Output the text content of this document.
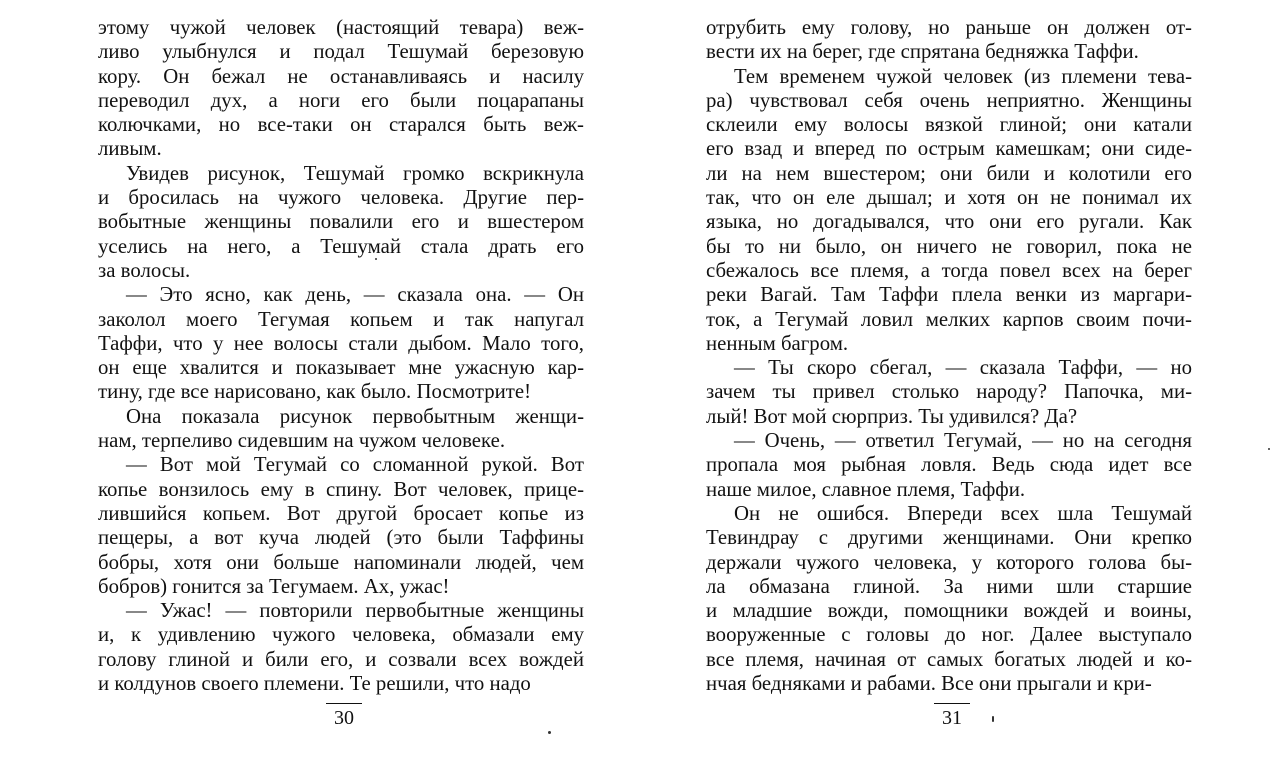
этому чужой человек (настоящий тевара) веж-
ливо улыбнулся и подал Тешумай березовую
кору. Он бежал не останавливаясь и насилу
переводил дух, а ноги его были поцарапаны
колючками, но все-таки он старался быть веж-
ливым.
Увидев рисунок, Тешумай громко вскрикнула
и бросилась на чужого человека. Другие пер-
вобытные женщины повалили его и вшестером
уселись на него, а Тешумай стала драть его
за волосы.
— Это ясно, как день, — сказала она. — Он
заколол моего Тегумая копьем и так напугал
Таффи, что у нее волосы стали дыбом. Мало того,
он еще хвалится и показывает мне ужасную кар-
тину, где все нарисовано, как было. Посмотрите!
Она показала рисунок первобытным женщи-
нам, терпеливо сидевшим на чужом человеке.
— Вот мой Тегумай со сломанной рукой. Вот
копье вонзилось ему в спину. Вот человек, прице-
лившийся копьем. Вот другой бросает копье из
пещеры, а вот куча людей (это были Таффины
бобры, хотя они больше напоминали людей, чем
бобров) гонится за Тегумаем. Ах, ужас!
— Ужас! — повторили первобытные женщины
и, к удивлению чужого человека, обмазали ему
голову глиной и били его, и созвали всех вождей
и колдунов своего племени. Те решили, что надо
30
отрубить ему голову, но раньше он должен от-
вести их на берег, где спрятана бедняжка Таффи.
Тем временем чужой человек (из племени тева-
ра) чувствовал себя очень неприятно. Женщины
склеили ему волосы вязкой глиной; они катали
его взад и вперед по острым камешкам; они сиде-
ли на нем вшестером; они били и колотили его
так, что он еле дышал; и хотя он не понимал их
языка, но догадывался, что они его ругали. Как
бы то ни было, он ничего не говорил, пока не
сбежалось все племя, а тогда повел всех на берег
реки Вагай. Там Таффи плела венки из маргари-
ток, а Тегумай ловил мелких карпов своим почи-
ненным багром.
— Ты скоро сбегал, — сказала Таффи, — но
зачем ты привел столько народу? Папочка, ми-
лый! Вот мой сюрприз. Ты удивился? Да?
— Очень, — ответил Тегумай, — но на сегодня
пропала моя рыбная ловля. Ведь сюда идет все
наше милое, славное племя, Таффи.
Он не ошибся. Впереди всех шла Тешумай
Тевиндрау с другими женщинами. Они крепко
держали чужого человека, у которого голова бы-
ла обмазана глиной. За ними шли старшие
и младшие вожди, помощники вождей и воины,
вооруженные с головы до ног. Далее выступало
все племя, начиная от самых богатых людей и ко-
нчая бедняками и рабами. Все они прыгали и кри-
31
